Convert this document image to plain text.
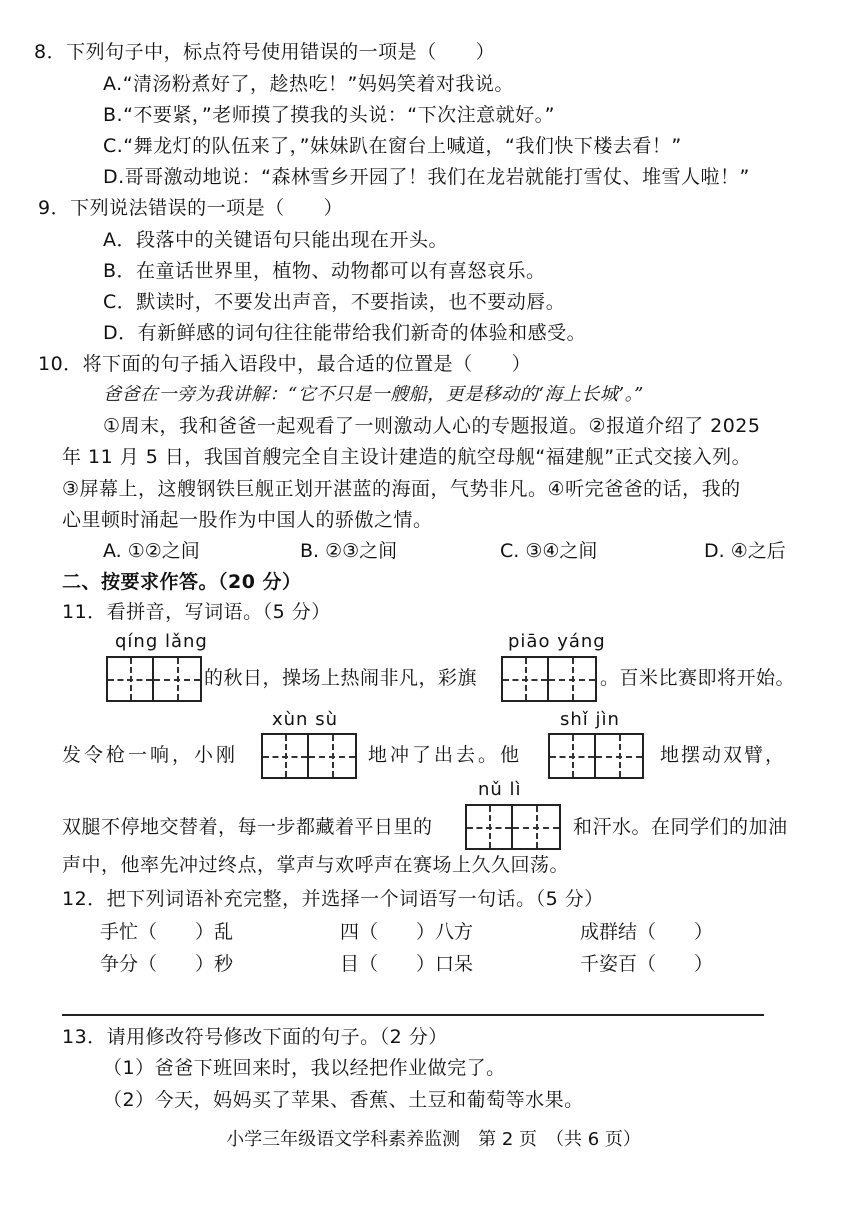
8．下列句子中，标点符号使用错误的一项是（　　）
A.“清汤粉煮好了，趁热吃！”妈妈笑着对我说。
B.“不要紧，”老师摸了摸我的头说：“下次注意就好。”
C.“舞龙灯的队伍来了，”妹妹趴在窗台上喊道，“我们快下楼去看！”
D.哥哥激动地说：“森林雪乡开园了！我们在龙岩就能打雪仗、堆雪人啦！”
9．下列说法错误的一项是（　　）
A．段落中的关键语句只能出现在开头。
B．在童话世界里，植物、动物都可以有喜怒哀乐。
C．默读时，不要发出声音，不要指读，也不要动唇。
D．有新鲜感的词句往往能带给我们新奇的体验和感受。
10．将下面的句子插入语段中，最合适的位置是（　　）
爸爸在一旁为我讲解：“它不只是一艘船，更是移动的‘海上长城’。”
①周末，我和爸爸一起观看了一则激动人心的专题报道。②报道介绍了 2025
年 11 月 5 日，我国首艘完全自主设计建造的航空母舰“福建舰”正式交接入列。
③屏幕上，这艘钢铁巨舰正划开湛蓝的海面，气势非凡。④听完爸爸的话，我的
心里顿时涌起一股作为中国人的骄傲之情。
A. ①②之间	B. ②③之间	C. ③④之间	D. ④之后
二、按要求作答。（20 分）
11．看拼音，写词语。（5 分）
qíng lǎng	piāo yáng
的秋日，操场上热闹非凡，彩旗	。百米比赛即将开始。
xùn sù	shǐ jìn
发令枪一响，小刚	地冲了出去。他	地摆动双臂，
nǔ lì
双腿不停地交替着，每一步都藏着平日里的	和汗水。在同学们的加油
声中，他率先冲过终点，掌声与欢呼声在赛场上久久回荡。
12．把下列词语补充完整，并选择一个词语写一句话。（5 分）
手忙（　　）乱	四（　　）八方	成群结（　　）
争分（　　）秒	目（　　）口呆	千姿百（　　）
13．请用修改符号修改下面的句子。（2 分）
（1）爸爸下班回来时，我以经把作业做完了。
（2）今天，妈妈买了苹果、香蕉、土豆和葡萄等水果。
小学三年级语文学科素养监测　第 2 页　（共 6 页）
